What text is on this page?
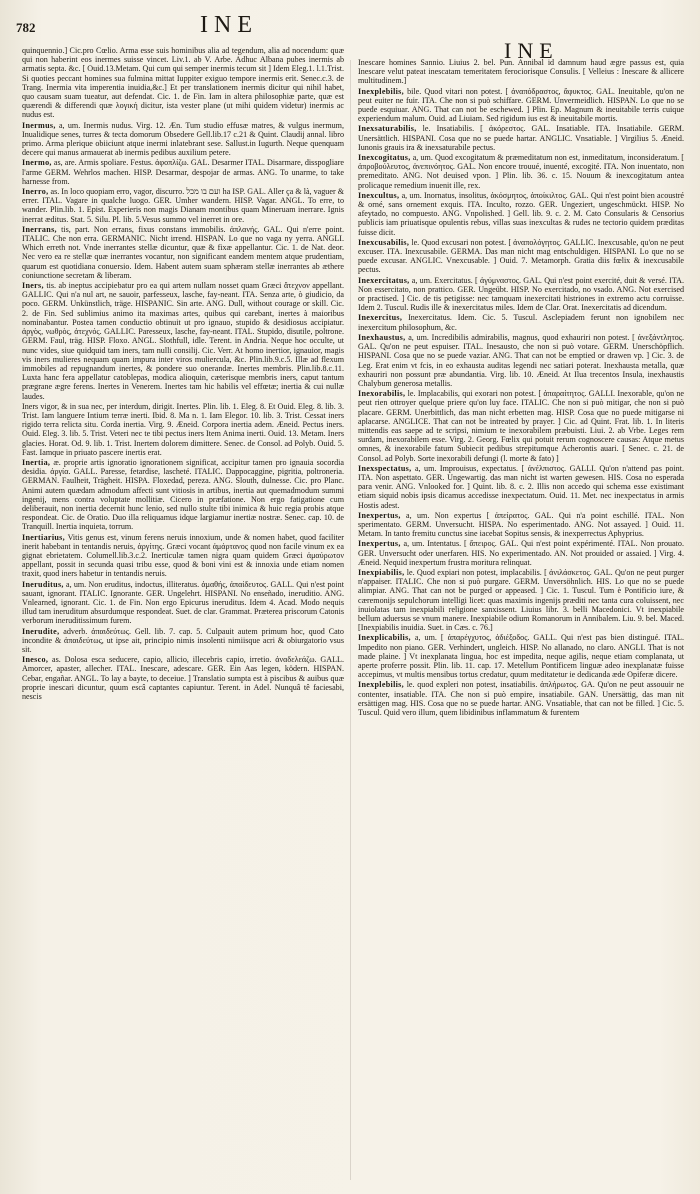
782	INE
INE

quinquennio.] Cic.pro Cœlio. Arma esse suis hominibus alia ad tegendum, alia ad nocendum: quæ qui non haberint eos inermes suisse vincet. Liv.1. ab V. Arbe. Adhuc Albana pubes inermis ab armatis septa. &c. [ Ouid.13.Metam. Qui cum qui semper inermis tecum sit ] Idem Eleg.1. l.1.Trist. Si quoties peccant homines sua fulmina mittat Iuppiter exiguo tempore inermis erit. Senec.c.3. de Trang. Inermia vita imperentia inuidia,&c.] Et per translationem inermis dicitur qui nihil habet, quo causam suam tueatur, aut defendat. Cic. 1. de Fin. Iam in altera philosophiæ parte, quæ est quærendi & differendi quæ λογική dicitur, ista vester plane (ut mihi quidem videtur) inermis ac nudus est.

Inermus, a, um. Inermis nudus. Virg. 12. Æn. Tum studio effusæ matres, & vulgus inermum, Inualidique senes, turres & tecta domorum Obsedere Gell.lib.17 c.21 & Quint. Claudij annal. libro primo. Arma plerique obiiciunt atque inermi inlatebrant sese. Sallust.in Iugurth. Neque quenquam decere qui manus armauerat ab inermis pedibus auxilium petere.

Inermo, as, are. Armis spoliare. Festus. ἀφοπλίζω. GAL. Desarmer ITAL. Disarmare, disspogliare l'arme GERM. Wehrlos machen. HISP. Desarmar, despojar de armas. ANG. To unarme, to take harnesse from.

Inerro, as. In loco quopiam erro, vagor, discurro. ועם בו מכל ha ISP. GAL. Aller ça & là, vaguer & errer. ITAL. Vagare in qualche luogo. GER. Umher wandern. HISP. Vagar. ANGL. To erre, to wander. Plin.lib. 1. Epist. Experieris non magis Dianam montibus quam Mineruam inerrare. Ignis inerrat æditus. Stat. 5. Silu. Pl. lib. 5.Vesus summo vel inerret in ore.

Inerrans, tis, part. Non errans, fixus constans immobilis. ἀπλανής. GAL. Qui n'erre point. ITALIC. Che non erra. GERMANIC. Nicht irrend. HISPAN. Lo que no vaga ny yerra. ANGLI. Which erreth not. Vnde inerrantes stellæ dicuntur, quæ & fixæ appellantur. Cic. 1. de Nat. deor. Nec vero ea re stellæ quæ inerrantes vocantur, non significant eandem mentem atque prudentiam, quarum est quotidiana conuersio. Idem. Habent autem suam sphæram stellæ inerrantes ab æthere coniunctione secretam & liberam.

Iners, tis. ab ineptus accipiebatur pro ea qui artem nullam nosset quam Græci ἄτεχνον appellant. GALLIC. Qui n'a nul art, ne sauoir, parfesseux, lasche, fay-neant. ITA. Senza arte, ò giudicio, da poco. GERM. Unkünstlich, träge. HISPANIC. Sin arte. ANG. Dull, without courage or skill. Cic. 2. de Fin. Sed sublimius animo ita maximas artes, quibus qui carebant, inertes à maioribus nominabantur. Postea tamen conductio obtinuit ut pro ignauo, stupido & desidiosus accipiatur. ἀργὸς, νωθρὸς, ἀτεχνός. GALLIC. Paresseux, lasche, fay-neant. ITAL. Stupido, disutile, poltrone. GERM. Faul, träg. HISP. Floxo. ANGL. Slothfull, idle. Terent. in Andria. Neque hoc occulte, ut nunc vides, siue quidquid tam iners, tam nulli consilij. Cic. Verr. At homo inertior, ignauior, magis vis iners mulieres nequam quam impura inter viros muliercula, &c. Plin.lib.9.c.5. Illæ ad flexum immobiles ad repugnandum inertes, & pondere suo onerandæ. Inertes membris. Plin.lib.8.c.11. Luxta hanc fera appellatur catoblepas, modica alioquin, cæterisque membris iners, caput tantum prægrane ægre ferens. Inertes in Venerem. Inertes tam hic habilis vel effœtæ; inertia & cui nullæ laudes.

Iners vigor, & in sua nec, per interdum, dirigit. Inertes. Plin. lib. 1. Eleg. 8. Et Ouid. Eleg. 8. lib. 3. Trist. Iam languere Intium terræ inerti. Ibid. 8. Ma n. 1. Iam Elegor. 10. lib. 3. Trist. Cessat iners rigido terra relicta situ. Corda inertia. Virg. 9. Æneid. Corpora inertia adem. Æneid. Pectus iners. Ouid. Eleg. 3. lib. 5. Trist. Veteri nec te tibi pectus iners Item Anima inerti. Ouid. 13. Metam. Iners glacies. Horat. Od. 9. lib. 1. Trist. Inertem dolorem dimittere. Senec. de Consol. ad Polyb. Ouid. 5. Fast. Iamque in priuato pascere inertis erat.

Inertia, æ. proprie artis ignoratio ignorationem significat, accipitur tamen pro ignauia socordia desidia. ἀργία. GALL. Paresse, fetardise, lascheté. ITALIC. Dappocaggine, pigritia, poltroneria. GERMAN. Faulheit, Trägheit. HISPA. Floxedad, pereza. ANG. Slouth, dulnesse. Cic. pro Planc. Animi autem quædam admodum affecti sunt vitiosis in artibus, inertia aut quemadmodum summi ingenij, mens contra voluptate mollitiæ. Cicero in præfatione. Non ergo fatigatione cum deliberauit, non inertia decernit hunc lenio, sed nullo stulte tibi inimica & huic regia probis atque respondeat. Cic. de Oratio. Duo illa reliquamus idque largiamur inertiæ nostræ. Senec. cap. 10. de Tranquill. Inertia inquieta, torrum.

Inertiarius, Vitis genus est, vinum ferens neruis innoxium, unde & nomen habet, quod faciliter inerit habebant in tentandis neruis, ἀργίτης. Græci vocant ἀμάρτανος quod non facile vinum ex ea gignat ebrietatem. Columell.lib.3.c.2. Inerticulæ tamen nigra quam quidem Græci ἀμαύρωτον appellant, possit in secunda quasi tribu esse, quod & boni vini est & innoxia unde etiam nomen traxit, quod iners habetur in tentandis neruis.

Ineruditus, a, um. Non eruditus, indoctus, illiteratus. ἀμαθής, ἀπαίδευτος. GALL. Qui n'est point sauant, ignorant. ITALIC. Ignorante. GER. Ungelehrt. HISPANI. No enseñado, ineruditio. ANG. Vnlearned, ignorant. Cic. 1. de Fin. Non ergo Epicurus ineruditus. Idem 4. Acad. Modo nequis illud tam ineruditum absurdumque respondeat. Suet. de clar. Grammat. Præterea priscorum Catonis verborum ineruditissimum furem.

Inerudite, adverb. ἀπαιδεύτως. Gell. lib. 7. cap. 5. Culpauit autem primum hoc, quod Cato incondite & ἀπαιδεύτως, ut ipse ait, principio nimis insolenti nimiisque acri & obiurgatorio vsus sit.

Inesco, as. Dolosa esca seducere, capio, allicio, illecebris capio, irretio. ἀναδελεάζω. GALL. Amorcer, apaster, allecher. ITAL. Inescare, adescare. GER. Ein Aas legen, ködern. HISPAN. Cebar, engañar. ANGL. To lay a bayte, to deceiue. ] Translatio sumpta est à piscibus & auibus quæ proprie inescari dicuntur, quum escâ captantes capiuntur. Terent. in Adel. Nunquâ tê faciesabi, nescis

Inescare homines Sannio. Liuius 2. bel. Pun. Annibal id damnum haud ægre passus est, quia Inescare velut pateat inescatam temeritatem ferociorisque Consulis. [ Velleius : Inescare & allicere multitudinem.]

Inexplebilis, bile. Quod vitari non potest. [ ἀναπόδραστος, ἄφυκτος. GAL. Ineuitable, qu'on ne peut euiter ne fuir. ITA. Che non si può schiffare. GERM. Unvermeidlich. HISPAN. Lo que no se puede esquiuar. ANG. That can not be eschewed. ] Plin. Ep. Magnum & ineuitabile terris cuique experiendum malum. Ouid. ad Liuiam. Sed rigidum ius est & ineuitabile mortis.

Inexsaturabilis, le. Insatiabilis. [ ἀκόρεστος. GAL. Insatiable. ITA. Insatiabile. GERM. Unersättlich. HISPANI. Cosa que no se puede hartar. ANGLIC. Vnsatiable. ] Virgilius 5. Æneid. Iunonis grauis ira & inexsaturabile pectus.

Inexcogitatus, a, um. Quod excogitatum & præmeditatum non est, inmeditatum, inconsideratum. [ ἀπροβούλευτος, ἀνεπινόητος. GAL. Non encore trouué, inuenté, excogité. ITA. Non inuentato, non premeditato. ANG. Not deuised vpon. ] Plin. lib. 36. c. 15. Nouum & inexcogitatum antea prolicaque remedium inuenit ille, rex.

Inexcultus, a, um. Inornatus, insolitus, ἀκόσμητος, ἀποίκιλτος. GAL. Qui n'est point bien acoustré & orné, sans ornement exquis. ITA. Inculto, rozzo. GER. Ungeziert, ungeschmückt. HISP. No afeytado, no compuesto. ANG. Vnpolished. ] Gell. lib. 9. c. 2. M. Cato Consularis & Censorius publicis iam priuatisque opulentis rebus, villas suas inexcultas & rudes ne tectorio quidem præditas fuisse dicit.

Inexcusabilis, le. Quod excusari non potest. [ ἀναπολόγητος. GALLIC. Inexcusable, qu'on ne peut excuser. ITA. Inexcusabile. GERMA. Das man nicht mag entschuldigen. HISPANI. Lo que no se puede excusar. ANGLIC. Vnexcusable. ] Ouid. 7. Metamorph. Gratia diis fœlix & inexcusabile pectus.

Inexercitatus, a, um. Exercitatus. [ ἀγύμναστος. GAL. Qui n'est point exercité, duit & versé. ITA. Non essercitato, non prattico. GER. Ungeübt. HISP. No exercitado, no vsado. ANG. Not exercised or practised. ] Cic. de tis petigisse: nec tamquam inexercitati histriones in extremo actu corruisse. Idem 2. Tuscul. Rudis ille & inexercitatus miles. Idem de Clar. Orat. Inexercitatis ad dicendum.

Inexercitus, Inexercitatus. Idem. Cic. 5. Tuscul. Asclepiadem ferunt non ignobilem nec inexercitum philosophum, &c.

Inexhaustus, a, um. Incredibilis admirabilis, magnus, quod exhauriri non potest. [ ἀνεξάντλητος. GAL. Qu'on ne peut espuiser. ITAL. Inesausto, che non si può votare. GERM. Unerschöpflich. HISPANI. Cosa que no se puede vaziar. ANG. That can not be emptied or drawen vp. ] Cic. 3. de Leg. Erat enim vt fcis, in eo exhausta auditas legendi nec satiari poterat. Inexhausta metalla, quæ exhauriri non possunt præ abundantia. Virg. lib. 10. Æneid. At Ilua trecentos Insula, inexhaustis Chalybum generosa metallis.

Inexorabilis, le. Implacabilis, qui exorari non potest. [ ἀπαραίτητος. GALLI. Inexorable, qu'on ne peut rien ottroyer quelque priere qu'on luy face. ITALIC. Che non si può mitigar, che non si può placare. GERM. Unerbittlich, das man nicht erbetten mag. HISP. Cosa que no puede mitigarse ni aplacarse. ANGLICE. That can not be intreated by prayer. ] Cic. ad Quint. Frat. lib. 1. In literis mittendis eas saepe ad te scripsi, nimium te inexorabilem præbuisti. Liui. 2. ab Vrbe. Leges rem surdam, inexorabilem esse. Virg. 2. Georg. Fœlix qui potuit rerum cognoscere causas: Atque metus omnes, & inexorabile fatum Subiecit pedibus strepitumque Acherontis auari. [ Senec. c. 21. de Consol. ad Polyb. Sorte inexorabili defungi (l. morte & fato) ]

Inexspectatus, a, um. Improuisus, expectatus. [ ἀνέλπιστος. GALLI. Qu'on n'attend pas point. ITA. Non aspettato. GER. Ungewartig. das man nicht ist warten gewesen. HIS. Cosa no esperada para venir. ANG. Vnlooked for. ] Quint. lib. 8. c. 2. Illis non accedo qui schema esse existimant etiam siquid nobis ipsis dicamus accedisse inexpectatum. Ouid. 11. Met. nec inexpectatus in armis Hostis adest.

Inexpertus, a, um. Non expertus [ ἀπείρατος. GAL. Qui n'a point eschillé. ITAL. Non sperimentato. GERM. Unversucht. HISPA. No esperimentado. ANG. Not assayed. ] Ouid. 11. Metam. In tanto fremitu cunctus sine iacebat Sopitus sensis, & inexperrectus Aphyprius.

Inexpertus, a, um. Intentatus. [ ἄπειρος. GAL. Qui n'est point expérimenté. ITAL. Non prouato. GER. Unversucht oder unerfaren. HIS. No experimentado. AN. Not prouided or assaied. ] Virg. 4. Æneid. Nequid inexpertum frustra moritura relinquat.

Inexpiabilis, le. Quod expiari non potest, implacabilis. [ ἀνιλάσκετος. GAL. Qu'on ne peut purger n'appaiser. ITALIC. Che non si può purgare. GERM. Unversöhnlich. HIS. Lo que no se puede alimpiar. ANG. That can not be purged or appeased. ] Cic. 1. Tuscul. Tum è Pontificio iure, & cæremonijs sepulchorum intelligi licet: quas maximis ingenijs præditi nec tanta cura coluissent, nec inuiolatas tam inexpiabili religione sanxissent. Liuius libr. 3. belli Macedonici. Vt inexpiabile bellum aduersus se vnum manere. Inexpiabile odium Romanorum in Annibalem. Liu. 9. bel. Maced. [Inexpiabilis inuidia. Suet. in Cæs. c. 76.]

Inexplicabilis, a, um. [ ἀπαρέγχυτος, ἀδιέξοδος. GALL. Qui n'est pas bien distingué. ITAL. Impedito non piano. GER. Verhindert, ungleich. HISP. No allanado, no claro. ANGLI. That is not made plaine. ] Vt inexplanata lingua, hoc est impedita, neque agilis, neque etiam complanata, ut aperte proferre possit. Plin. lib. 11. cap. 17. Metellum Pontificem linguæ adeo inexplanatæ fuisse accepimus, vt multis mensibus tortus credatur, quum meditatetur ie dedicanda æde Opiferæ dicere.

Inexplebilis, le. quod expleri non potest, insatiabilis. ἀπλήρωτος. GA. Qu'on ne peut assouuir ne contenter, insatiable. ITA. Che non si può empire, insatiabile. GAN. Unersättig, das man nit ersättigen mag. HIS. Cosa que no se puede hartar. ANG. Vnsatiable, that can not be filled. ] Cic. 5. Tuscul. Quid vero illum, quem libidinibus inflammatum & furentem
